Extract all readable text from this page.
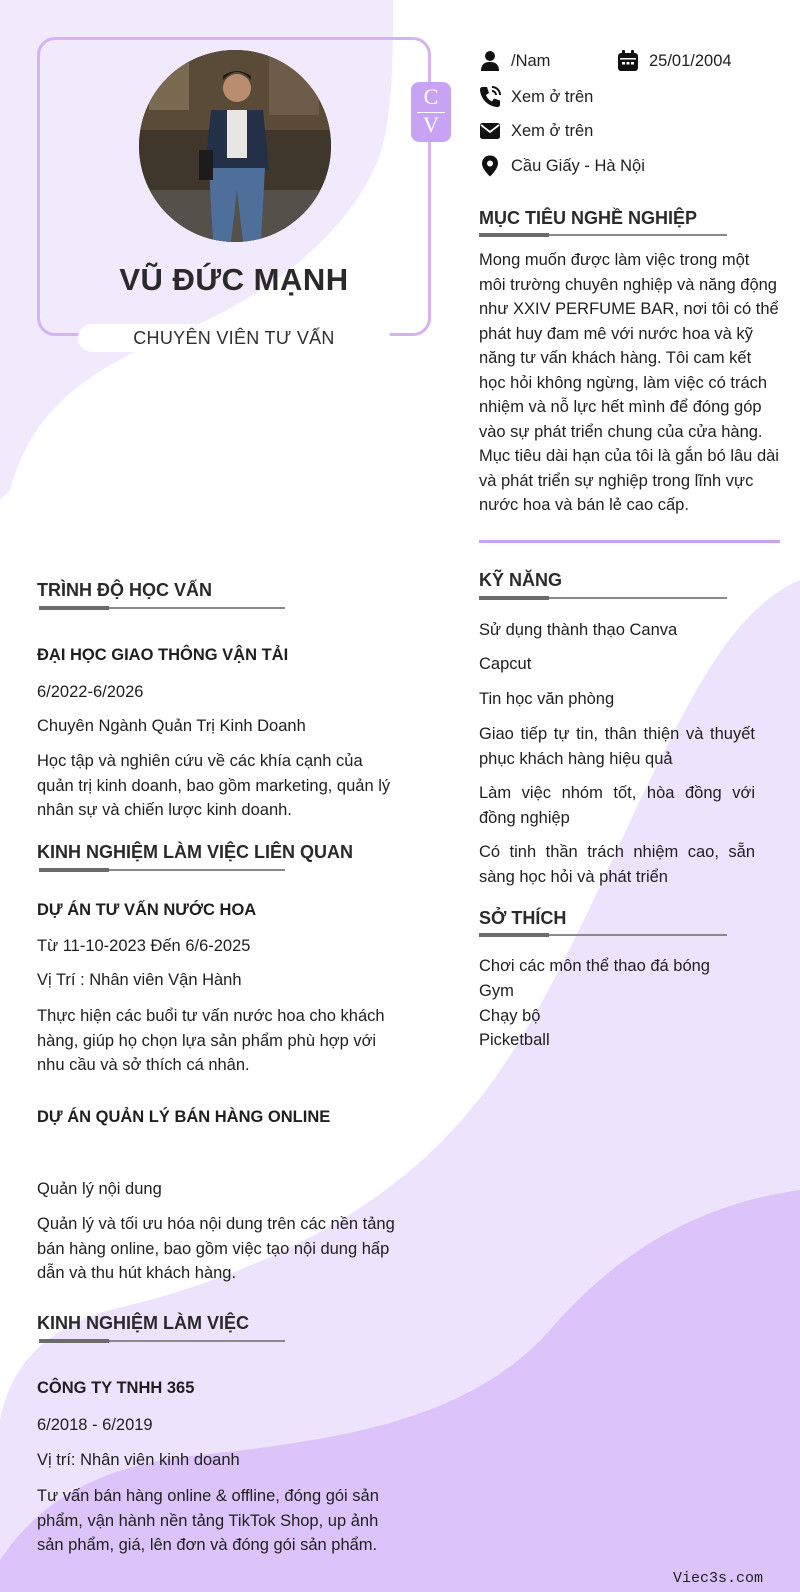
C
V
VŨ ĐỨC MẠNH
CHUYÊN VIÊN TƯ VẤN
/Nam	25/01/2004
Xem ở trên
Xem ở trên
Cầu Giấy - Hà Nội
MỤC TIÊU NGHỀ NGHIỆP
Mong muốn được làm việc trong một môi trường chuyên nghiệp và năng động như XXIV PERFUME BAR, nơi tôi có thể phát huy đam mê với nước hoa và kỹ năng tư vấn khách hàng. Tôi cam kết học hỏi không ngừng, làm việc có trách nhiệm và nỗ lực hết mình để đóng góp vào sự phát triển chung của cửa hàng. Mục tiêu dài hạn của tôi là gắn bó lâu dài và phát triển sự nghiệp trong lĩnh vực nước hoa và bán lẻ cao cấp.
KỸ NĂNG
Sử dụng thành thạo Canva
Capcut
Tin học văn phòng
Giao tiếp tự tin, thân thiện và thuyết phục khách hàng hiệu quả
Làm việc nhóm tốt, hòa đồng với đồng nghiệp
Có tinh thần trách nhiệm cao, sẵn sàng học hỏi và phát triển
SỞ THÍCH
Chơi các môn thể thao đá bóng
Gym
Chạy bộ
Picketball
TRÌNH ĐỘ HỌC VẤN
ĐẠI HỌC GIAO THÔNG VẬN TẢI
6/2022-6/2026
Chuyên Ngành Quản Trị Kinh Doanh
Học tập và nghiên cứu về các khía cạnh của quản trị kinh doanh, bao gồm marketing, quản lý nhân sự và chiến lược kinh doanh.
KINH NGHIỆM LÀM VIỆC LIÊN QUAN
DỰ ÁN TƯ VẤN NƯỚC HOA
Từ 11-10-2023 Đến 6/6-2025
Vị Trí : Nhân viên Vận Hành
Thực hiện các buổi tư vấn nước hoa cho khách hàng, giúp họ chọn lựa sản phẩm phù hợp với nhu cầu và sở thích cá nhân.
DỰ ÁN QUẢN LÝ BÁN HÀNG ONLINE
Quản lý nội dung
Quản lý và tối ưu hóa nội dung trên các nền tảng bán hàng online, bao gồm việc tạo nội dung hấp dẫn và thu hút khách hàng.
KINH NGHIỆM LÀM VIỆC
CÔNG TY TNHH 365
6/2018 - 6/2019
Vị trí: Nhân viên kinh doanh
Tư vấn bán hàng online & offline, đóng gói sản phẩm, vận hành nền tảng TikTok Shop, up ảnh sản phẩm, giá, lên đơn và đóng gói sản phẩm.
Viec3s.com
